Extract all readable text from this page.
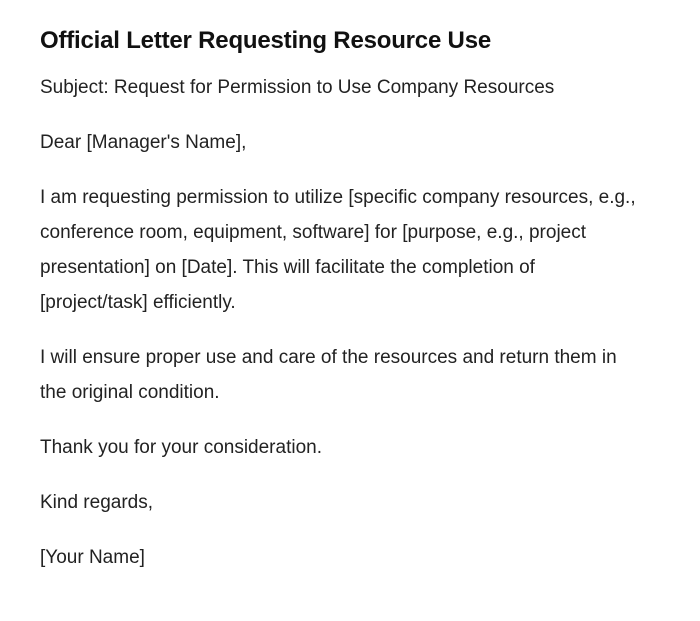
Official Letter Requesting Resource Use

Subject: Request for Permission to Use Company Resources

Dear [Manager's Name],

I am requesting permission to utilize [specific company resources, e.g., conference room, equipment, software] for [purpose, e.g., project presentation] on [Date]. This will facilitate the completion of [project/task] efficiently.

I will ensure proper use and care of the resources and return them in the original condition.

Thank you for your consideration.

Kind regards,

[Your Name]
